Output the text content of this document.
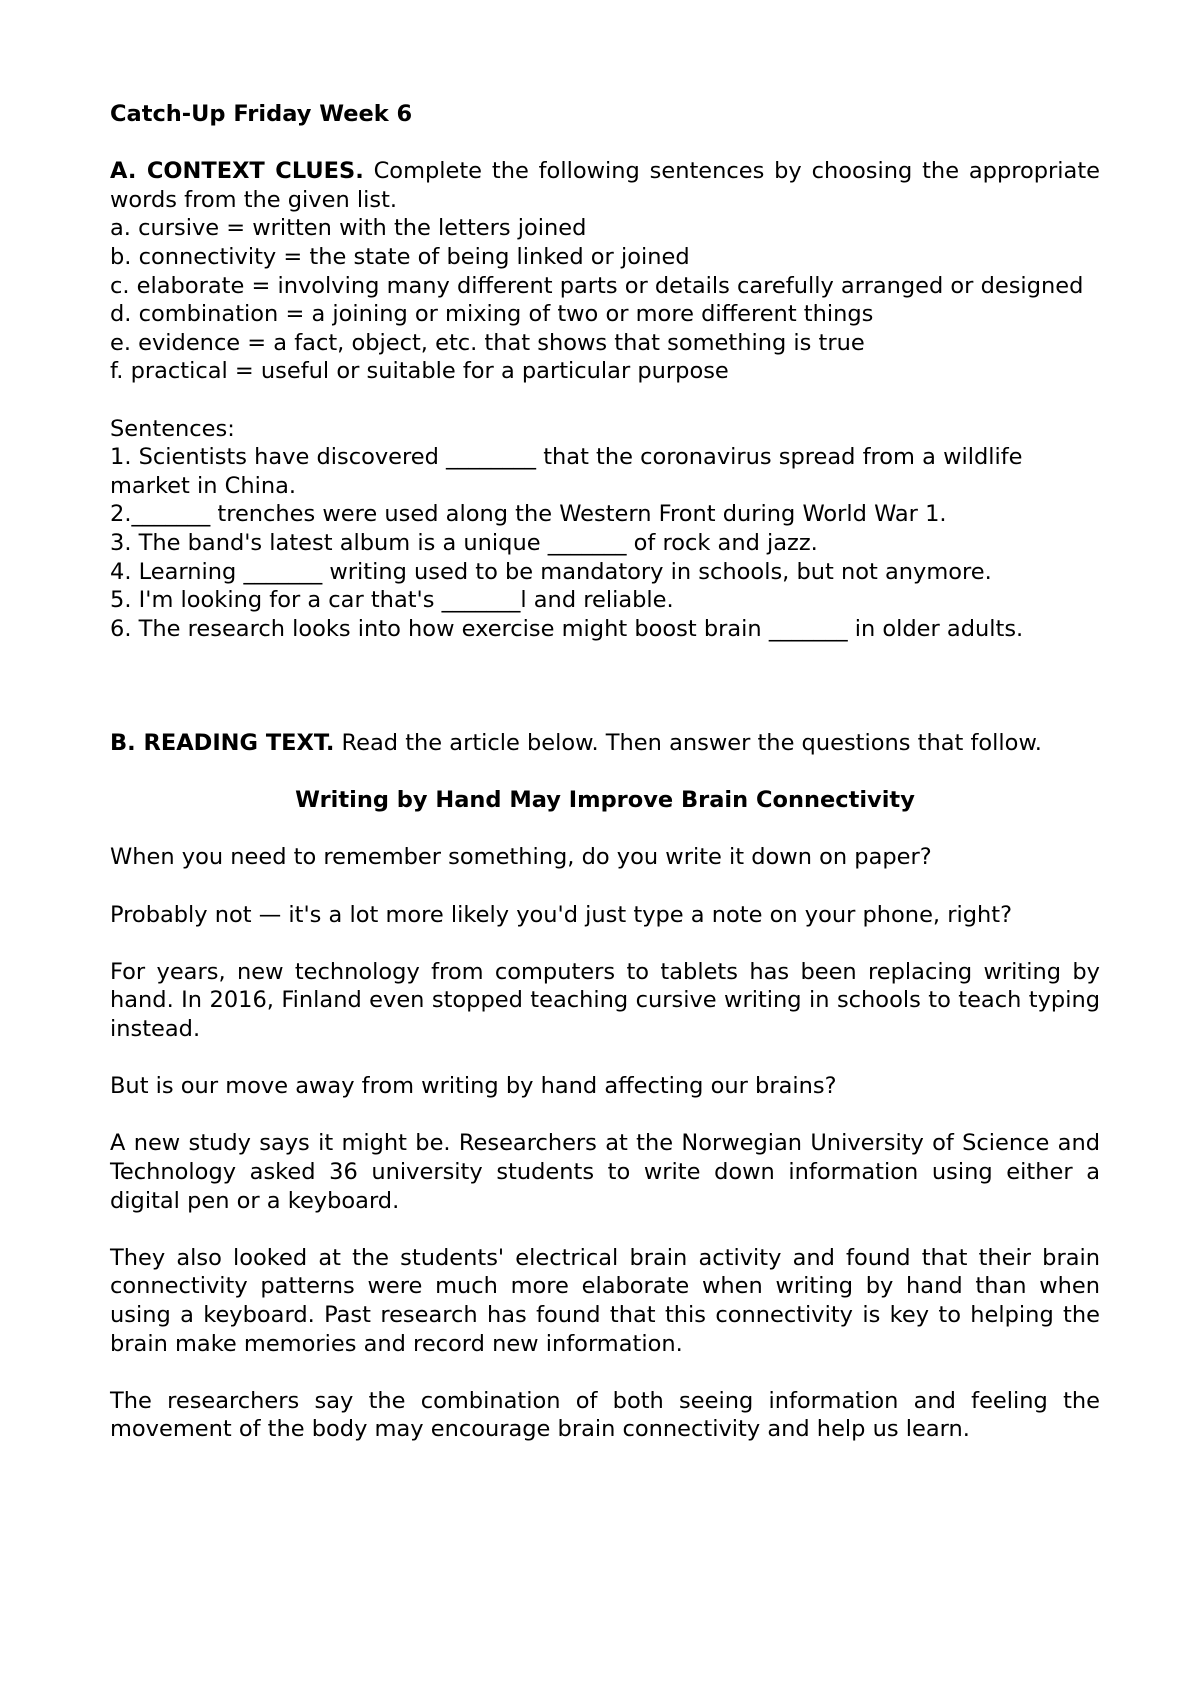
Catch-Up Friday Week 6

A. CONTEXT CLUES. Complete the following sentences by choosing the appropriate words from the given list.

a. cursive = written with the letters joined

b. connectivity = the state of being linked or joined

c. elaborate = involving many different parts or details carefully arranged or designed

d. combination = a joining or mixing of two or more different things

e. evidence = a fact, object, etc. that shows that something is true

f. practical = useful or suitable for a particular purpose

Sentences:

1. Scientists have discovered ________ that the coronavirus spread from a wildlife market in China.

2._______ trenches were used along the Western Front during World War 1.

3. The band's latest album is a unique _______ of rock and jazz.

4. Learning _______ writing used to be mandatory in schools, but not anymore.

5. I'm looking for a car that's _______l and reliable.

6. The research looks into how exercise might boost brain _______ in older adults.

B. READING TEXT. Read the article below. Then answer the questions that follow.

Writing by Hand May Improve Brain Connectivity

When you need to remember something, do you write it down on paper?

Probably not — it's a lot more likely you'd just type a note on your phone, right?

For years, new technology from computers to tablets has been replacing writing by hand. In 2016, Finland even stopped teaching cursive writing in schools to teach typing instead.

But is our move away from writing by hand affecting our brains?

A new study says it might be. Researchers at the Norwegian University of Science and Technology asked 36 university students to write down information using either a digital pen or a keyboard.

They also looked at the students' electrical brain activity and found that their brain connectivity patterns were much more elaborate when writing by hand than when using a keyboard. Past research has found that this connectivity is key to helping the brain make memories and record new information.

The researchers say the combination of both seeing information and feeling the movement of the body may encourage brain connectivity and help us learn.
